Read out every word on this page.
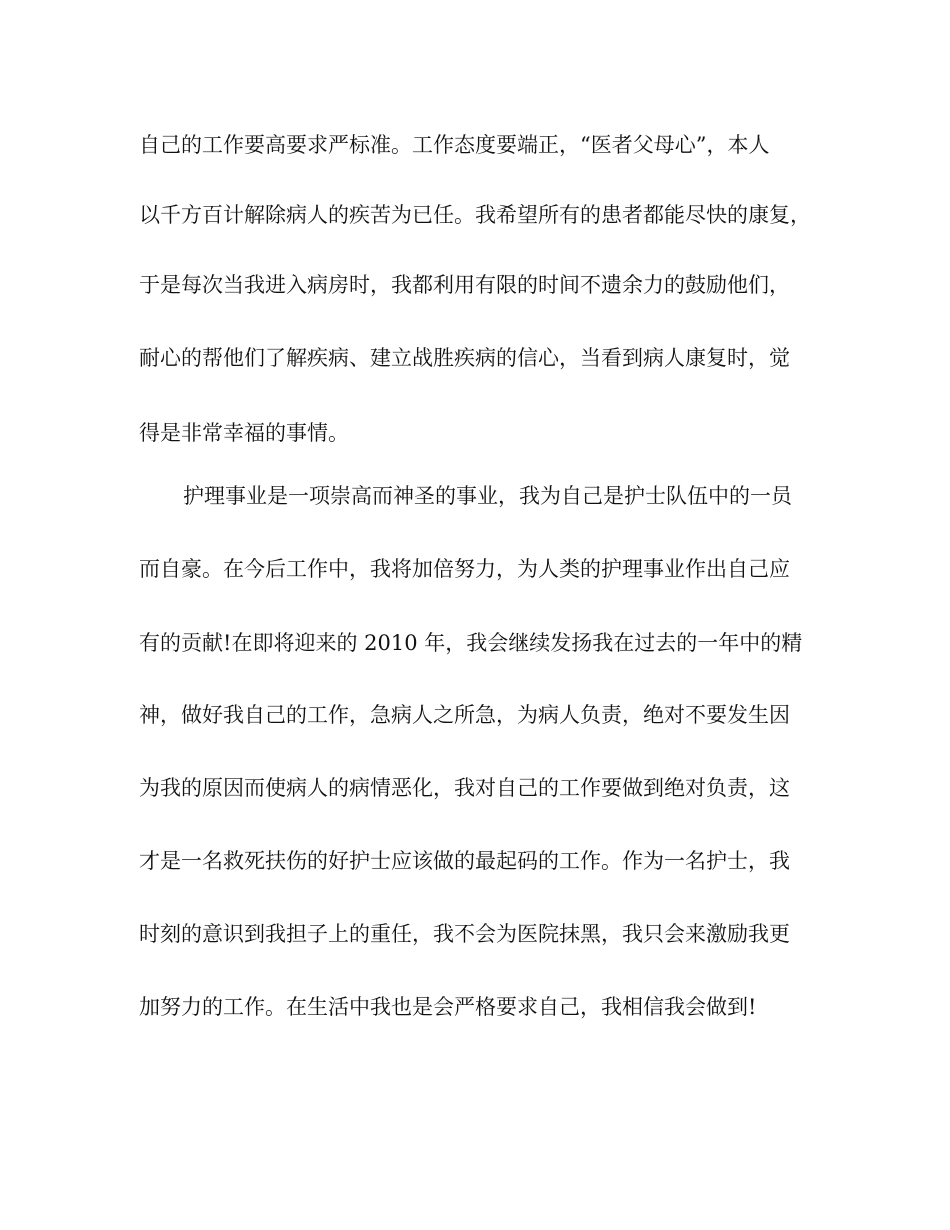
自己的工作要高要求严标准。工作态度要端正，“医者父母心”，本人
以千方百计解除病人的疾苦为已任。我希望所有的患者都能尽快的康复，
于是每次当我进入病房时，我都利用有限的时间不遗余力的鼓励他们，
耐心的帮他们了解疾病、建立战胜疾病的信心，当看到病人康复时，觉
得是非常幸福的事情。
护理事业是一项崇高而神圣的事业，我为自己是护士队伍中的一员
而自豪。在今后工作中，我将加倍努力，为人类的护理事业作出自己应
有的贡献!在即将迎来的 2010 年，我会继续发扬我在过去的一年中的精
神，做好我自己的工作，急病人之所急，为病人负责，绝对不要发生因
为我的原因而使病人的病情恶化，我对自己的工作要做到绝对负责，这
才是一名救死扶伤的好护士应该做的最起码的工作。作为一名护士，我
时刻的意识到我担子上的重任，我不会为医院抹黑，我只会来激励我更
加努力的工作。在生活中我也是会严格要求自己，我相信我会做到!
